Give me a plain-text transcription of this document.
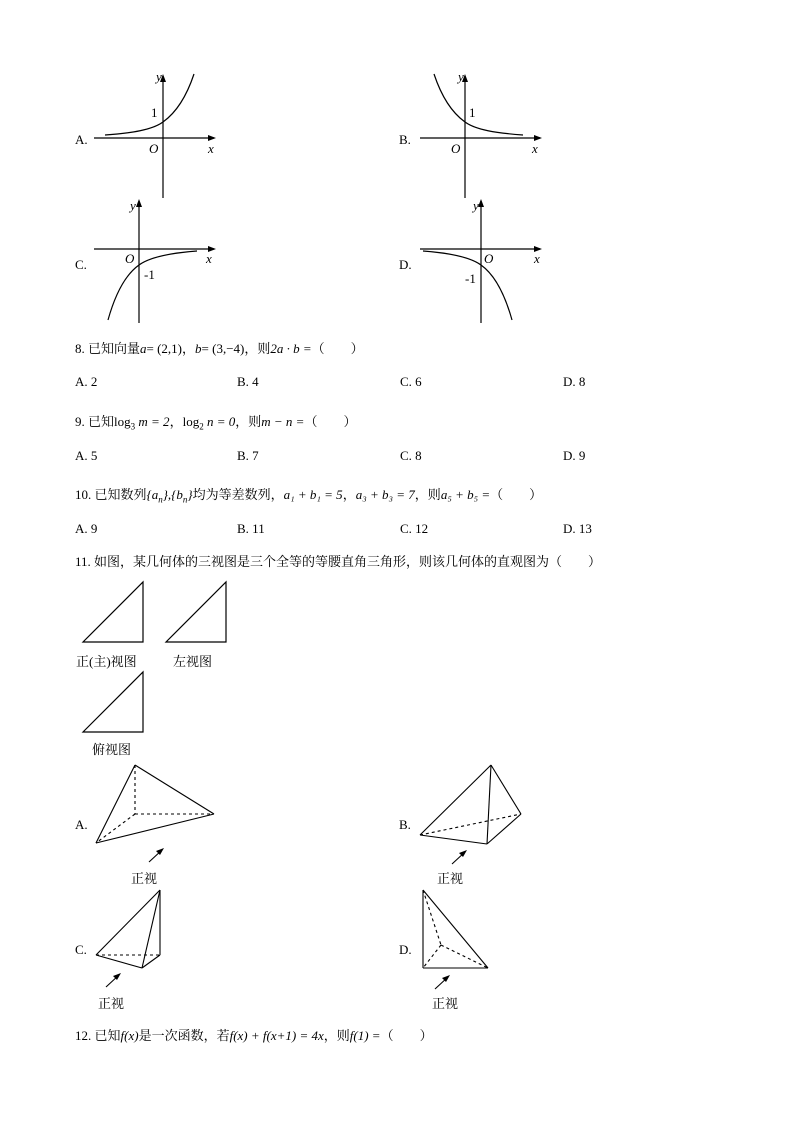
A.
y
1
O	x
B.
y
1
O	x
C.
y
O
-1
x	D.
y
O
-1
x
8. 已知向量a= (2,1)，b= (3,−4)，则2a · b =（　　）
A. 2	B. 4	C. 6	D. 8
9. 已知$\log_3 m = 2$，$\log_2 n = 0$，则m − n =（　　）
A. 5	B. 7	C. 8	D. 9
10. 已知数列$\{a_n\},\{b_n\}$均为等差数列，a₁ + b₁ = 5，a₃ + b₃ = 7，则a₅ + b₅ =（　　）
A. 9	B. 11	C. 12	D. 13
11. 如图，某几何体的三视图是三个全等的等腰直角三角形，则该几何体的直观图为（　　）
正(主)视图	左视图
俯视图
A.
正视
B.
正视
C.
正视
D.
正视
12. 已知f(x)是一次函数，若f(x) + f(x+1) = 4x，则f(1) =（　　）
